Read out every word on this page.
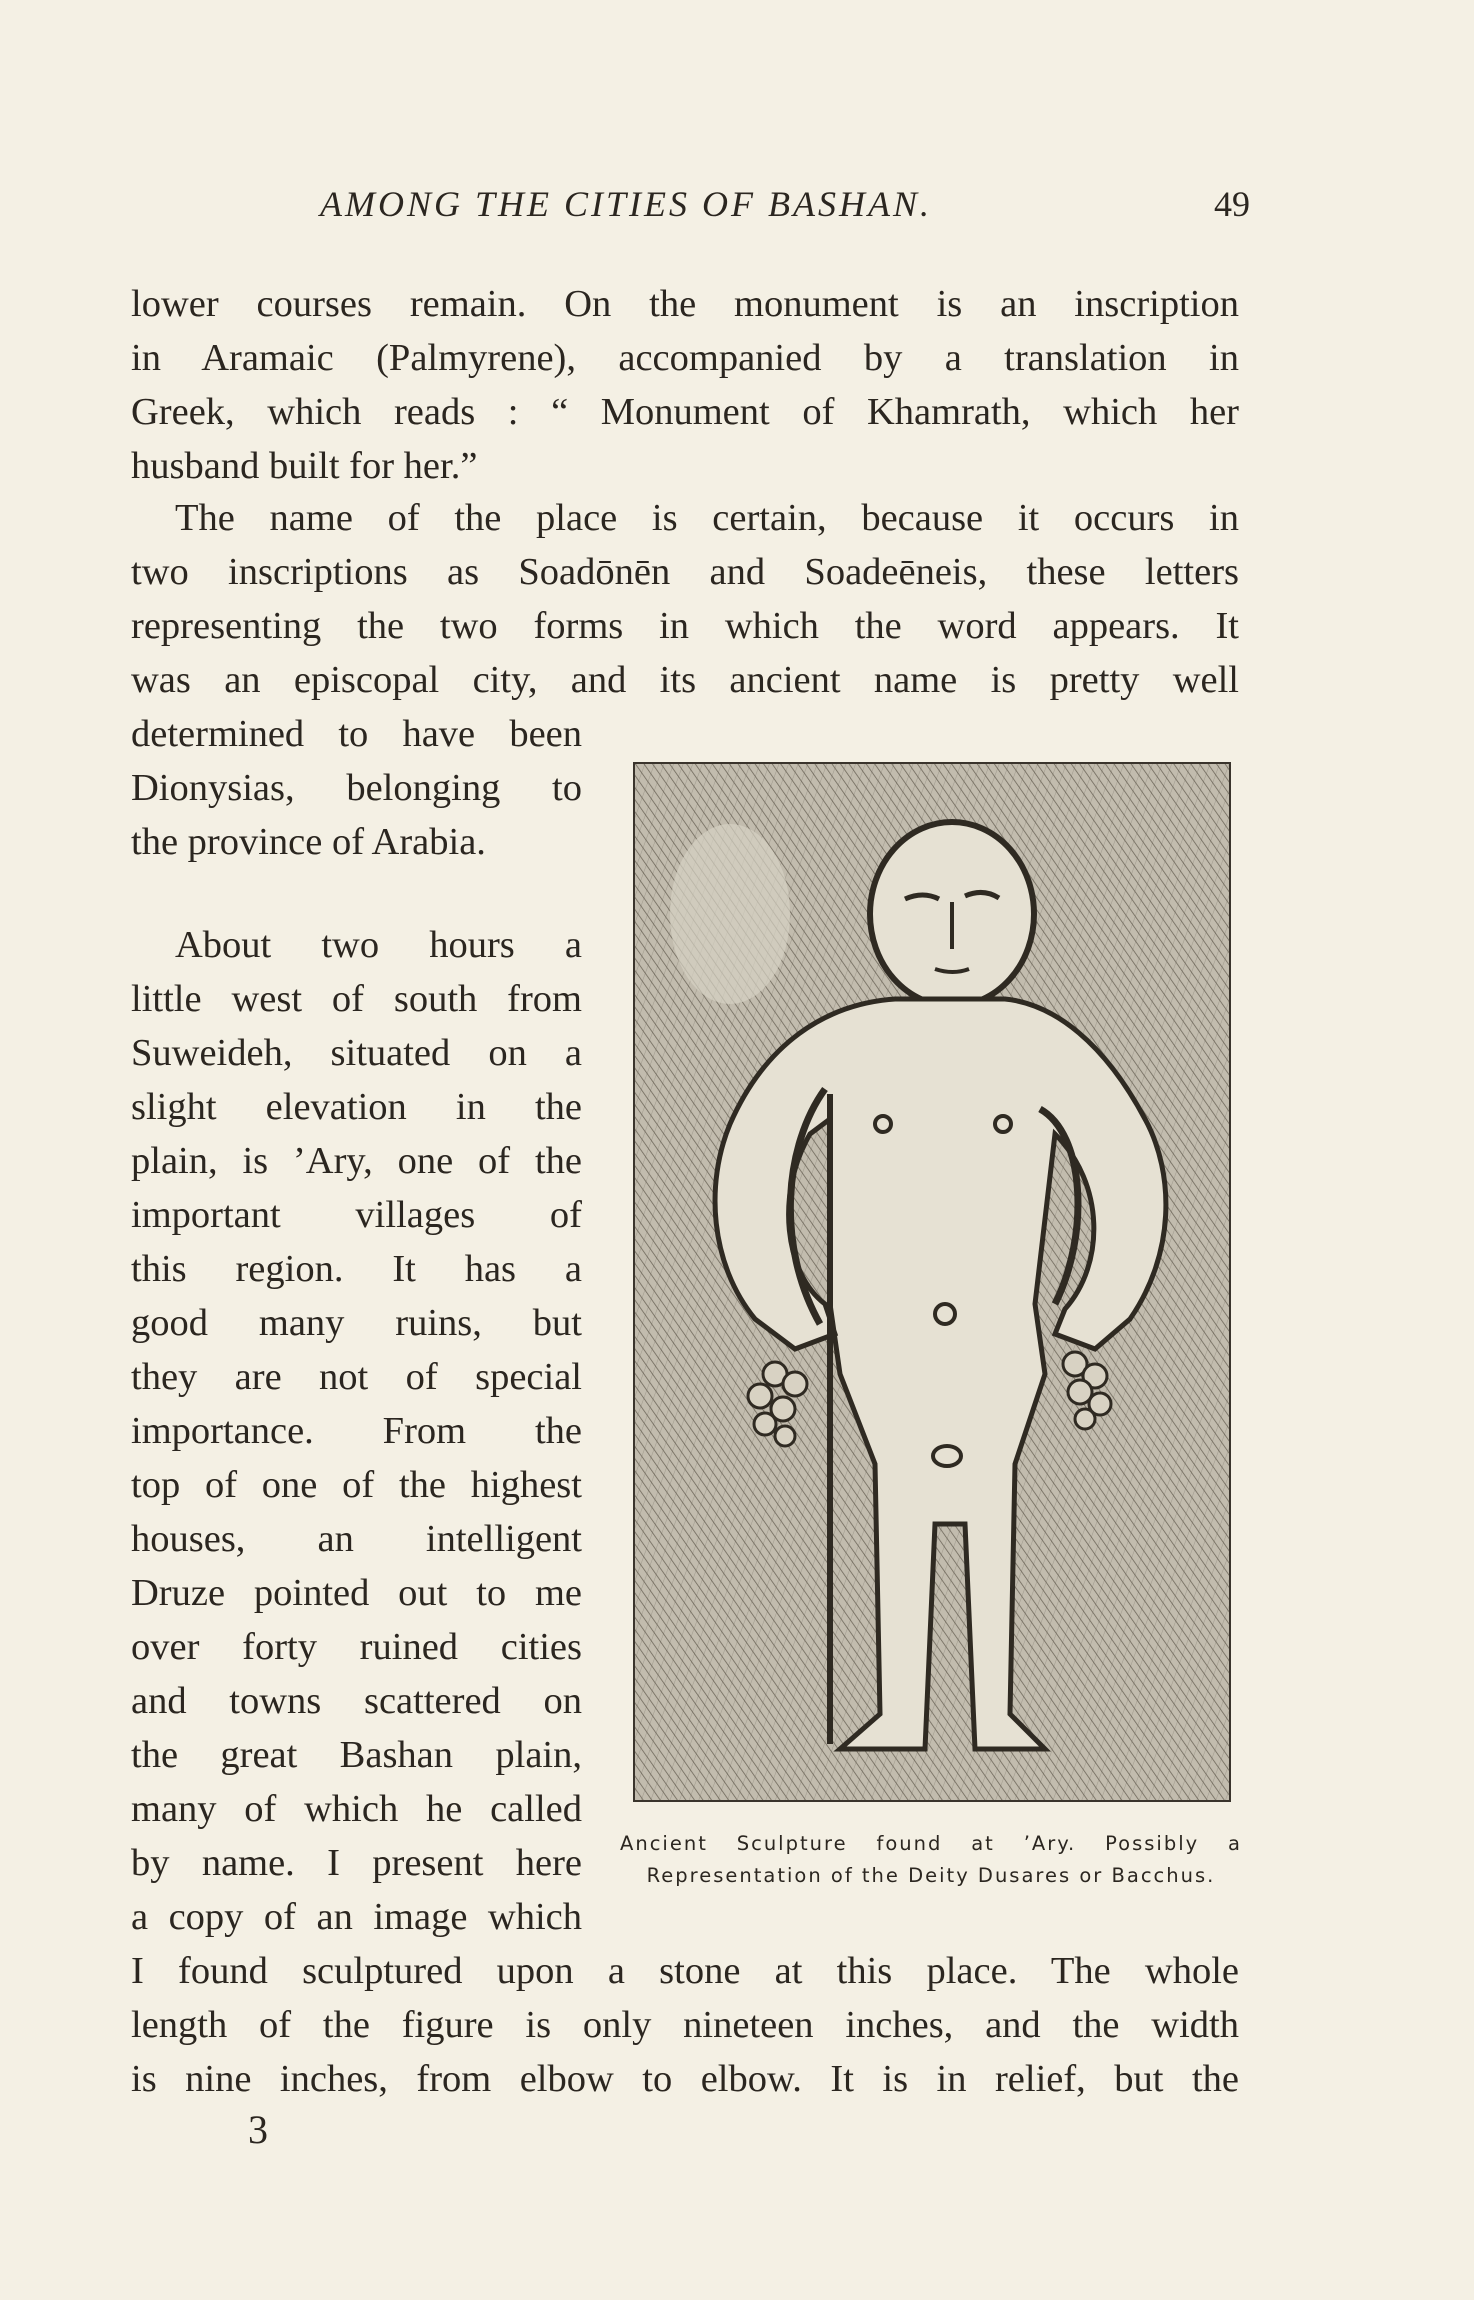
AMONG THE CITIES OF BASHAN.	49
lower courses remain. On the monument is an inscription
in Aramaic (Palmyrene), accompanied by a translation in
Greek, which reads : “ Monument of Khamrath, which her
husband built for her.”
The name of the place is certain, because it occurs in
two inscriptions as Soadōnēn and Soadeēneis, these letters
representing the two forms in which the word appears. It
was an episcopal city, and its ancient name is pretty well
determined to have been
Dionysias, belonging to
the province of Arabia.
About two hours a
little west of south from
Suweideh, situated on a
slight elevation in the
plain, is ’Ary, one of the
important villages of
this region. It has a
good many ruins, but
they are not of special
importance. From the
top of one of the highest
houses, an intelligent
Druze pointed out to me
over forty ruined cities
and towns scattered on
the great Bashan plain,
many of which he called
by name. I present here
a copy of an image which
I found sculptured upon a stone at this place. The whole
length of the figure is only nineteen inches, and the width
is nine inches, from elbow to elbow. It is in relief, but the
Ancient Sculpture found at ’Ary. Possibly a
Representation of the Deity Dusares or Bacchus.
3
